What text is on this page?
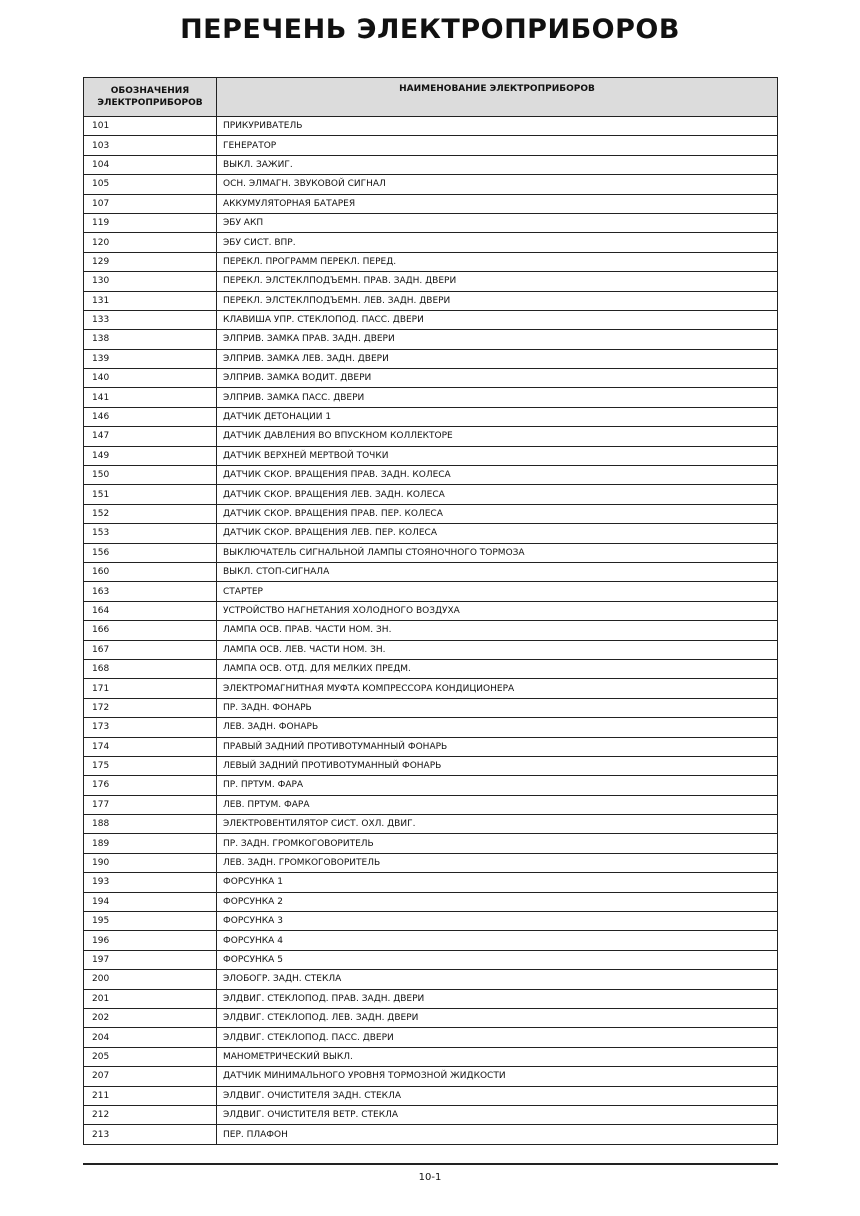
ПЕРЕЧЕНЬ ЭЛЕКТРОПРИБОРОВ
ОБОЗНАЧЕНИЯ ЭЛЕКТРОПРИБОРОВ	НАИМЕНОВАНИЕ ЭЛЕКТРОПРИБОРОВ
101	ПРИКУРИВАТЕЛЬ
103	ГЕНЕРАТОР
104	ВЫКЛ. ЗАЖИГ.
105	ОСН. ЭЛМАГН. ЗВУКОВОЙ СИГНАЛ
107	АККУМУЛЯТОРНАЯ БАТАРЕЯ
119	ЭБУ АКП
120	ЭБУ СИСТ. ВПР.
129	ПЕРЕКЛ. ПРОГРАММ ПЕРЕКЛ. ПЕРЕД.
130	ПЕРЕКЛ. ЭЛСТЕКЛПОДЪЕМН. ПРАВ. ЗАДН. ДВЕРИ
131	ПЕРЕКЛ. ЭЛСТЕКЛПОДЪЕМН. ЛЕВ. ЗАДН. ДВЕРИ
133	КЛАВИША УПР. СТЕКЛОПОД. ПАСС. ДВЕРИ
138	ЭЛПРИВ. ЗАМКА ПРАВ. ЗАДН. ДВЕРИ
139	ЭЛПРИВ. ЗАМКА ЛЕВ. ЗАДН. ДВЕРИ
140	ЭЛПРИВ. ЗАМКА ВОДИТ. ДВЕРИ
141	ЭЛПРИВ. ЗАМКА ПАСС. ДВЕРИ
146	ДАТЧИК ДЕТОНАЦИИ 1
147	ДАТЧИК ДАВЛЕНИЯ ВО ВПУСКНОМ КОЛЛЕКТОРЕ
149	ДАТЧИК ВЕРХНЕЙ МЕРТВОЙ ТОЧКИ
150	ДАТЧИК СКОР. ВРАЩЕНИЯ ПРАВ. ЗАДН. КОЛЕСА
151	ДАТЧИК СКОР. ВРАЩЕНИЯ ЛЕВ. ЗАДН. КОЛЕСА
152	ДАТЧИК СКОР. ВРАЩЕНИЯ ПРАВ. ПЕР. КОЛЕСА
153	ДАТЧИК СКОР. ВРАЩЕНИЯ ЛЕВ. ПЕР. КОЛЕСА
156	ВЫКЛЮЧАТЕЛЬ СИГНАЛЬНОЙ ЛАМПЫ СТОЯНОЧНОГО ТОРМОЗА
160	ВЫКЛ. СТОП-СИГНАЛА
163	СТАРТЕР
164	УСТРОЙСТВО НАГНЕТАНИЯ ХОЛОДНОГО ВОЗДУХА
166	ЛАМПА ОСВ. ПРАВ. ЧАСТИ НОМ. ЗН.
167	ЛАМПА ОСВ. ЛЕВ. ЧАСТИ НОМ. ЗН.
168	ЛАМПА ОСВ. ОТД. ДЛЯ МЕЛКИХ ПРЕДМ.
171	ЭЛЕКТРОМАГНИТНАЯ МУФТА КОМПРЕССОРА КОНДИЦИОНЕРА
172	ПР. ЗАДН. ФОНАРЬ
173	ЛЕВ. ЗАДН. ФОНАРЬ
174	ПРАВЫЙ ЗАДНИЙ ПРОТИВОТУМАННЫЙ ФОНАРЬ
175	ЛЕВЫЙ ЗАДНИЙ ПРОТИВОТУМАННЫЙ ФОНАРЬ
176	ПР. ПРТУМ. ФАРА
177	ЛЕВ. ПРТУМ. ФАРА
188	ЭЛЕКТРОВЕНТИЛЯТОР СИСТ. ОХЛ. ДВИГ.
189	ПР. ЗАДН. ГРОМКОГОВОРИТЕЛЬ
190	ЛЕВ. ЗАДН. ГРОМКОГОВОРИТЕЛЬ
193	ФОРСУНКА 1
194	ФОРСУНКА 2
195	ФОРСУНКА 3
196	ФОРСУНКА 4
197	ФОРСУНКА 5
200	ЭЛОБОГР. ЗАДН. СТЕКЛА
201	ЭЛДВИГ. СТЕКЛОПОД. ПРАВ. ЗАДН. ДВЕРИ
202	ЭЛДВИГ. СТЕКЛОПОД. ЛЕВ. ЗАДН. ДВЕРИ
204	ЭЛДВИГ. СТЕКЛОПОД. ПАСС. ДВЕРИ
205	МАНОМЕТРИЧЕСКИЙ ВЫКЛ.
207	ДАТЧИК МИНИМАЛЬНОГО УРОВНЯ ТОРМОЗНОЙ ЖИДКОСТИ
211	ЭЛДВИГ. ОЧИСТИТЕЛЯ ЗАДН. СТЕКЛА
212	ЭЛДВИГ. ОЧИСТИТЕЛЯ ВЕТР. СТЕКЛА
213	ПЕР. ПЛАФОН
10-1
